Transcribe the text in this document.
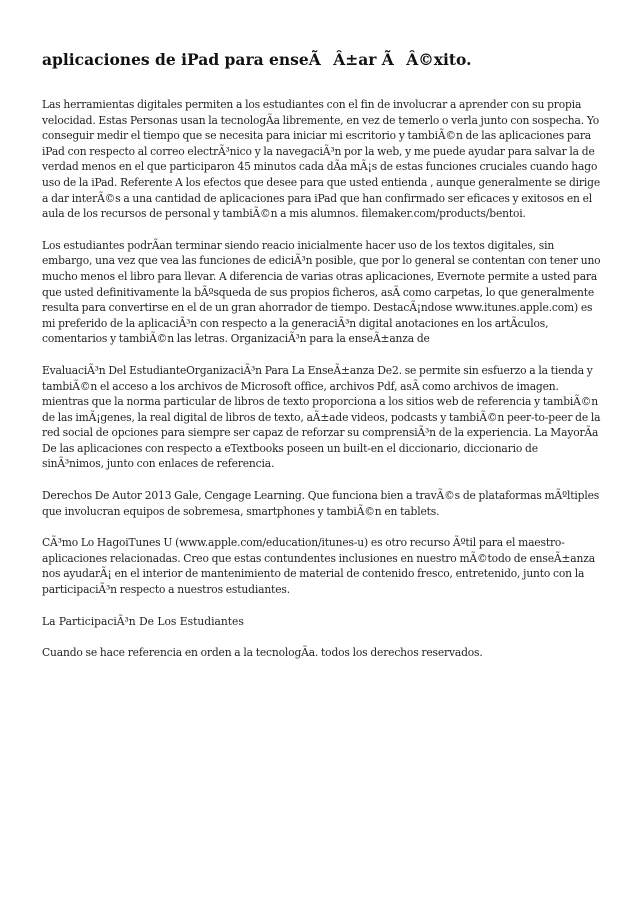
aplicaciones de iPad para enseÃÂ±ar ÃÂ©xito.

Las herramientas digitales permiten a los estudiantes con el fin de involucrar a aprender con su propia velocidad. Estas Personas usan la tecnologÃa libremente, en vez de temerlo o verla junto con sospecha. Yo conseguir medir el tiempo que se necesita para iniciar mi escritorio y tambiÃ©n de las aplicaciones para iPad con respecto al correo electrÃ³nico y la navegaciÃ³n por la web, y me puede ayudar para salvar la de verdad menos en el que participaron 45 minutos cada dÃa mÃ¡s de estas funciones cruciales cuando hago uso de la iPad. Referente A los efectos que desee para que usted entienda , aunque generalmente se dirige a dar interÃ©s a una cantidad de aplicaciones para iPad que han confirmado ser eficaces y exitosos en el aula de los recursos de personal y tambiÃ©n a mis alumnos. filemaker.com/products/bentoi.

Los estudiantes podrÃan terminar siendo reacio inicialmente hacer uso de los textos digitales, sin embargo, una vez que vea las funciones de ediciÃ³n posible, que por lo general se contentan con tener uno mucho menos el libro para llevar. A diferencia de varias otras aplicaciones, Evernote permite a usted para que usted definitivamente la bÃºsqueda de sus propios ficheros, asÃ como carpetas, lo que generalmente resulta para convertirse en el de un gran ahorrador de tiempo. DestacÃ¡ndose www.itunes.apple.com) es mi preferido de la aplicaciÃ³n con respecto a la generaciÃ³n digital anotaciones en los artÃculos, comentarios y tambiÃ©n las letras. OrganizaciÃ³n para la enseÃ±anza de

EvaluaciÃ³n Del EstudianteOrganizaciÃ³n Para La EnseÃ±anza De2. se permite sin esfuerzo a la tienda y tambiÃ©n el acceso a los archivos de Microsoft office, archivos Pdf, asÃ como archivos de imagen. mientras que la norma particular de libros de texto proporciona a los sitios web de referencia y tambiÃ©n de las imÃ¡genes, la real digital de libros de texto, aÃ±ade videos, podcasts y tambiÃ©n peer-to-peer de la red social de opciones para siempre ser capaz de reforzar su comprensiÃ³n de la experiencia. La MayorÃa De las aplicaciones con respecto a eTextbooks poseen un built-en el diccionario, diccionario de sinÃ³nimos, junto con enlaces de referencia.

Derechos De Autor 2013 Gale, Cengage Learning. Que funciona bien a travÃ©s de plataformas mÃºltiples que involucran equipos de sobremesa, smartphones y tambiÃ©n en tablets.

CÃ³mo Lo HagoiTunes U (www.apple.com/education/itunes-u) es otro recurso Ãºtil para el maestro-aplicaciones relacionadas. Creo que estas contundentes inclusiones en nuestro mÃ©todo de enseÃ±anza nos ayudarÃ¡ en el interior de mantenimiento de material de contenido fresco, entretenido, junto con la participaciÃ³n respecto a nuestros estudiantes.

La ParticipaciÃ³n De Los Estudiantes

Cuando se hace referencia en orden a la tecnologÃa. todos los derechos reservados.
